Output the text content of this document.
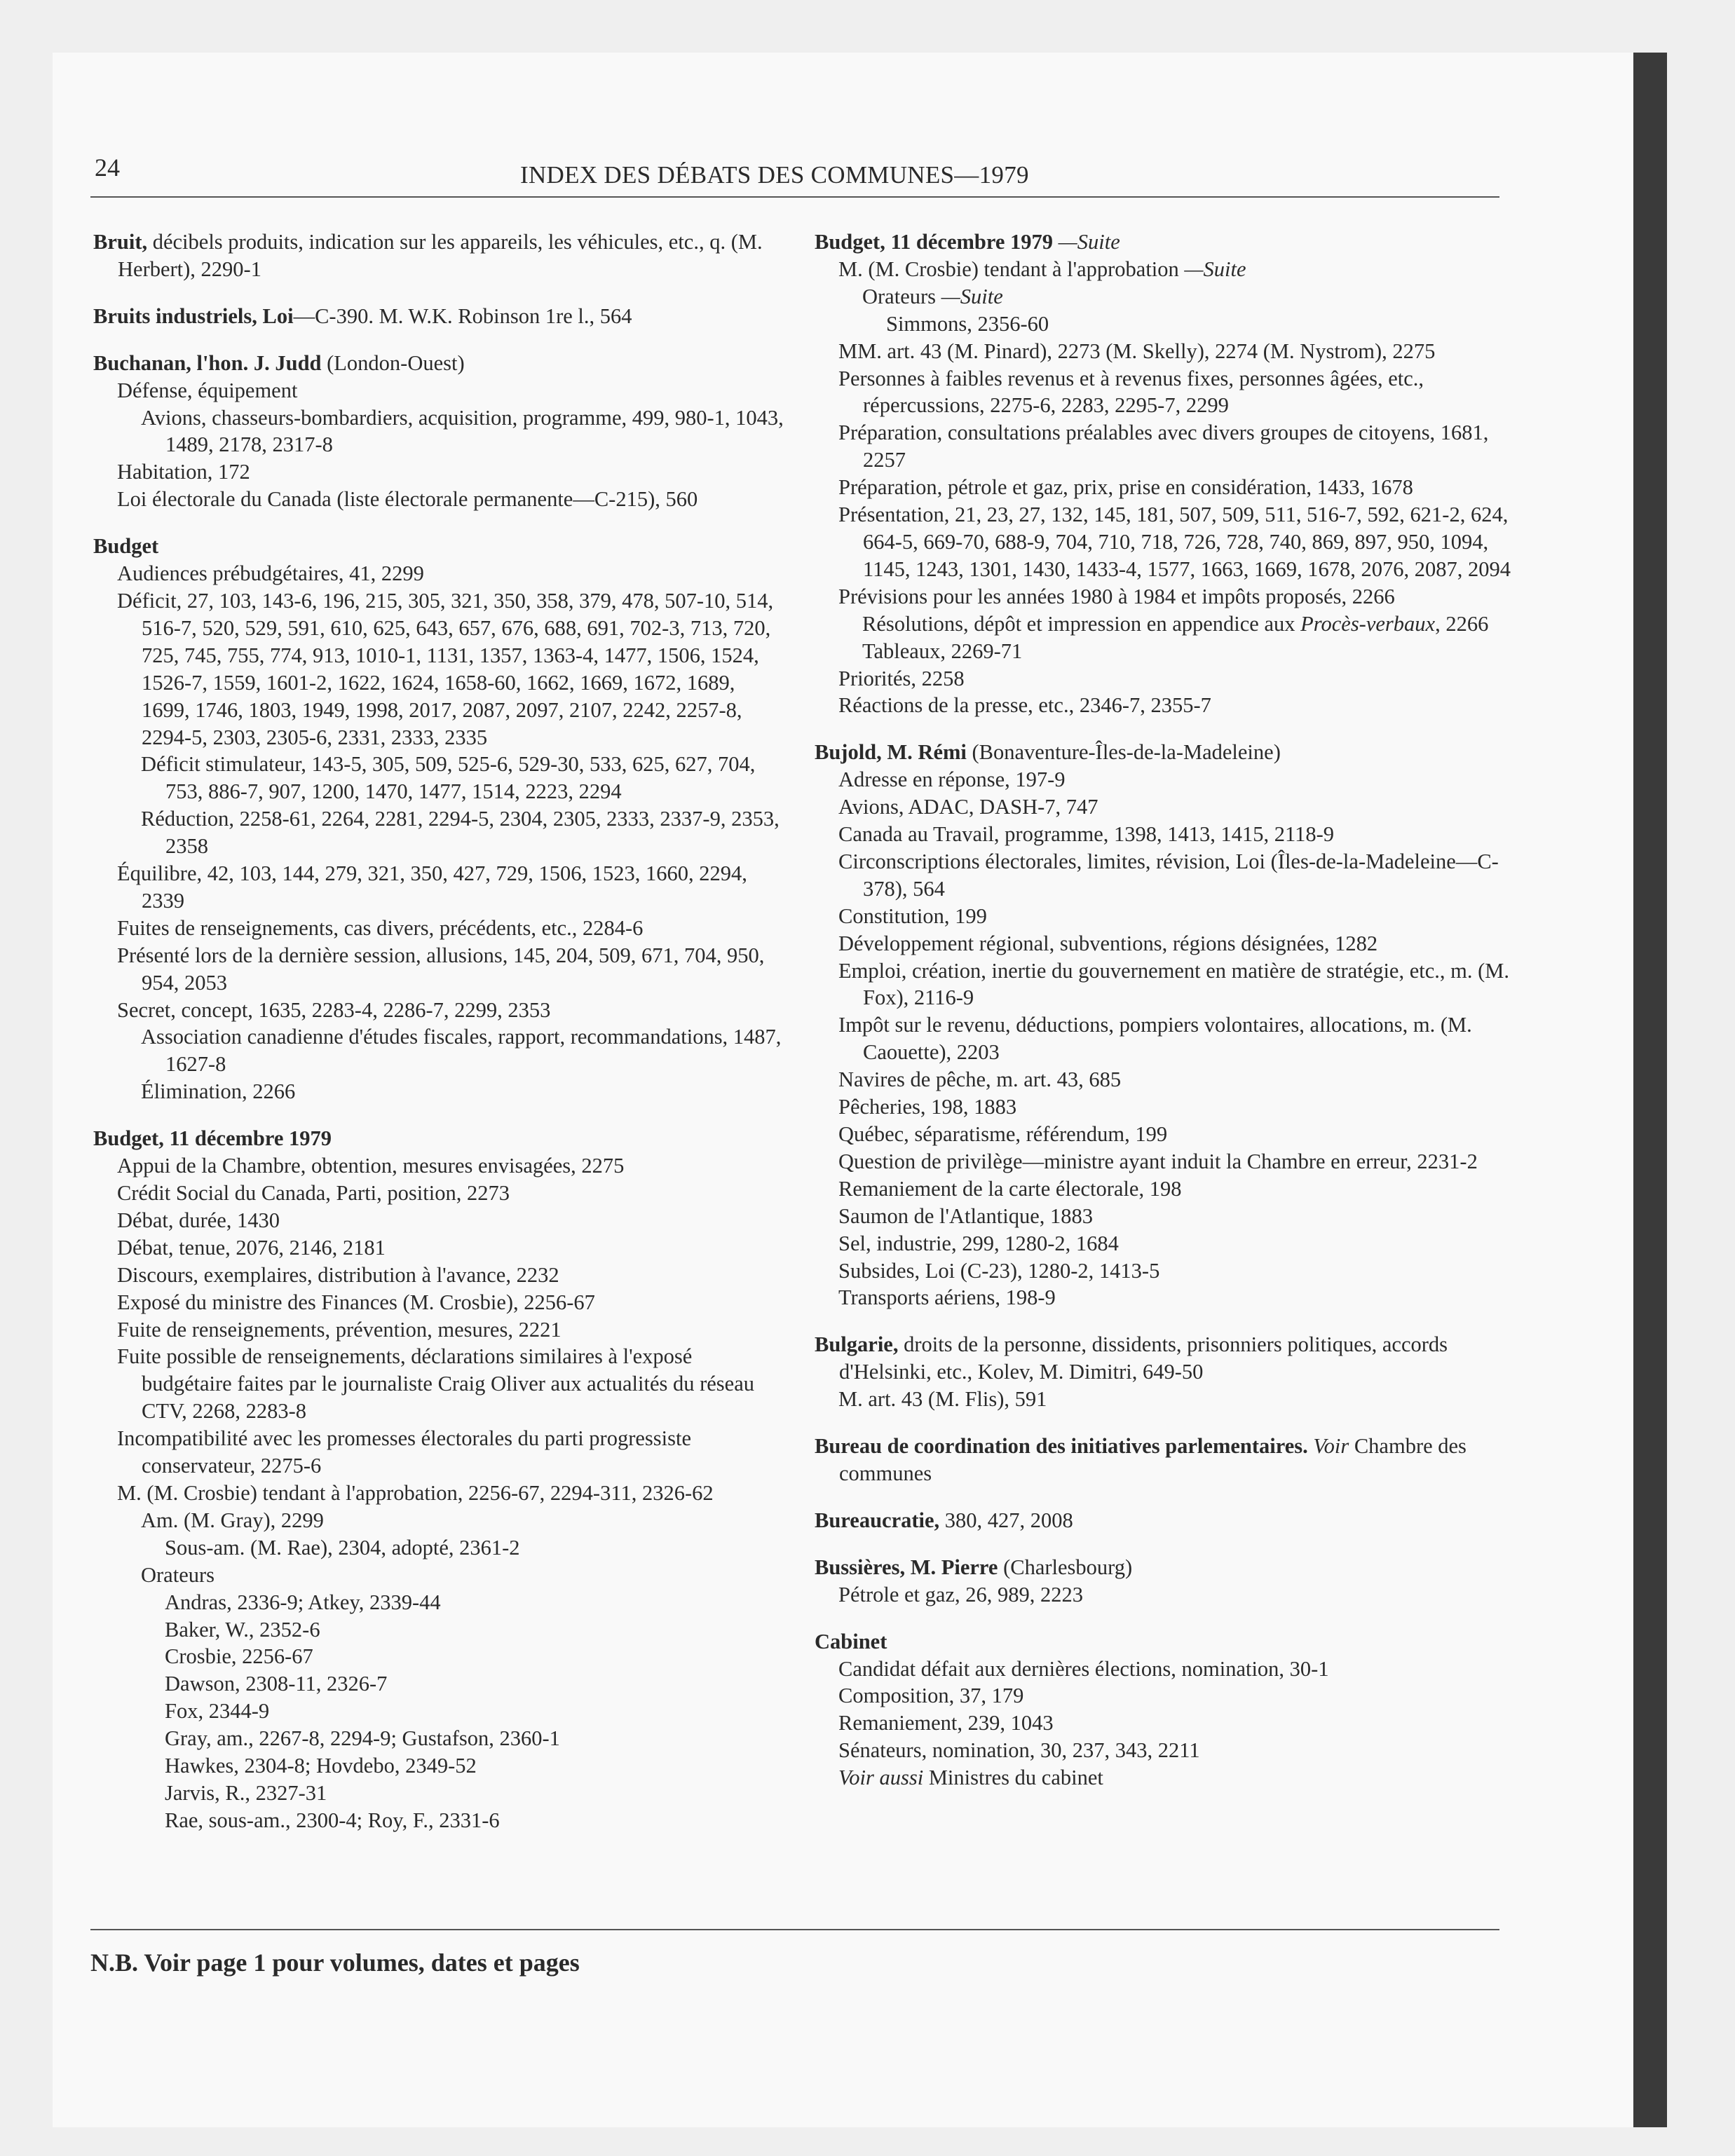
24	INDEX DES DÉBATS DES COMMUNES—1979
Bruit, décibels produits, indication sur les appareils, les véhicules, etc., q. (M. Herbert), 2290-1
Bruits industriels, Loi—C-390. M. W.K. Robinson 1re l., 564
Buchanan, l'hon. J. Judd (London-Ouest)
Défense, équipement
Avions, chasseurs-bombardiers, acquisition, programme, 499, 980-1, 1043, 1489, 2178, 2317-8
Habitation, 172
Loi électorale du Canada (liste électorale permanente—C-215), 560
Budget
Audiences prébudgétaires, 41, 2299
Déficit, 27, 103, 143-6, 196, 215, 305, 321, 350, 358, 379, 478, 507-10, 514, 516-7, 520, 529, 591, 610, 625, 643, 657, 676, 688, 691, 702-3, 713, 720, 725, 745, 755, 774, 913, 1010-1, 1131, 1357, 1363-4, 1477, 1506, 1524, 1526-7, 1559, 1601-2, 1622, 1624, 1658-60, 1662, 1669, 1672, 1689, 1699, 1746, 1803, 1949, 1998, 2017, 2087, 2097, 2107, 2242, 2257-8, 2294-5, 2303, 2305-6, 2331, 2333, 2335
Déficit stimulateur, 143-5, 305, 509, 525-6, 529-30, 533, 625, 627, 704, 753, 886-7, 907, 1200, 1470, 1477, 1514, 2223, 2294
Réduction, 2258-61, 2264, 2281, 2294-5, 2304, 2305, 2333, 2337-9, 2353, 2358
Équilibre, 42, 103, 144, 279, 321, 350, 427, 729, 1506, 1523, 1660, 2294, 2339
Fuites de renseignements, cas divers, précédents, etc., 2284-6
Présenté lors de la dernière session, allusions, 145, 204, 509, 671, 704, 950, 954, 2053
Secret, concept, 1635, 2283-4, 2286-7, 2299, 2353
Association canadienne d'études fiscales, rapport, recommandations, 1487, 1627-8
Élimination, 2266
Budget, 11 décembre 1979
Appui de la Chambre, obtention, mesures envisagées, 2275
Crédit Social du Canada, Parti, position, 2273
Débat, durée, 1430
Débat, tenue, 2076, 2146, 2181
Discours, exemplaires, distribution à l'avance, 2232
Exposé du ministre des Finances (M. Crosbie), 2256-67
Fuite de renseignements, prévention, mesures, 2221
Fuite possible de renseignements, déclarations similaires à l'exposé budgétaire faites par le journaliste Craig Oliver aux actualités du réseau CTV, 2268, 2283-8
Incompatibilité avec les promesses électorales du parti progressiste conservateur, 2275-6
M. (M. Crosbie) tendant à l'approbation, 2256-67, 2294-311, 2326-62
Am. (M. Gray), 2299
Sous-am. (M. Rae), 2304, adopté, 2361-2
Orateurs
Andras, 2336-9; Atkey, 2339-44
Baker, W., 2352-6
Crosbie, 2256-67
Dawson, 2308-11, 2326-7
Fox, 2344-9
Gray, am., 2267-8, 2294-9; Gustafson, 2360-1
Hawkes, 2304-8; Hovdebo, 2349-52
Jarvis, R., 2327-31
Rae, sous-am., 2300-4; Roy, F., 2331-6
Budget, 11 décembre 1979 —Suite
M. (M. Crosbie) tendant à l'approbation —Suite
Orateurs —Suite
Simmons, 2356-60
MM. art. 43 (M. Pinard), 2273 (M. Skelly), 2274 (M. Nystrom), 2275
Personnes à faibles revenus et à revenus fixes, personnes âgées, etc., répercussions, 2275-6, 2283, 2295-7, 2299
Préparation, consultations préalables avec divers groupes de citoyens, 1681, 2257
Préparation, pétrole et gaz, prix, prise en considération, 1433, 1678
Présentation, 21, 23, 27, 132, 145, 181, 507, 509, 511, 516-7, 592, 621-2, 624, 664-5, 669-70, 688-9, 704, 710, 718, 726, 728, 740, 869, 897, 950, 1094, 1145, 1243, 1301, 1430, 1433-4, 1577, 1663, 1669, 1678, 2076, 2087, 2094
Prévisions pour les années 1980 à 1984 et impôts proposés, 2266
Résolutions, dépôt et impression en appendice aux Procès-verbaux, 2266
Tableaux, 2269-71
Priorités, 2258
Réactions de la presse, etc., 2346-7, 2355-7
Bujold, M. Rémi (Bonaventure-Îles-de-la-Madeleine)
Adresse en réponse, 197-9
Avions, ADAC, DASH-7, 747
Canada au Travail, programme, 1398, 1413, 1415, 2118-9
Circonscriptions électorales, limites, révision, Loi (Îles-de-la-Madeleine—C-378), 564
Constitution, 199
Développement régional, subventions, régions désignées, 1282
Emploi, création, inertie du gouvernement en matière de stratégie, etc., m. (M. Fox), 2116-9
Impôt sur le revenu, déductions, pompiers volontaires, allocations, m. (M. Caouette), 2203
Navires de pêche, m. art. 43, 685
Pêcheries, 198, 1883
Québec, séparatisme, référendum, 199
Question de privilège—ministre ayant induit la Chambre en erreur, 2231-2
Remaniement de la carte électorale, 198
Saumon de l'Atlantique, 1883
Sel, industrie, 299, 1280-2, 1684
Subsides, Loi (C-23), 1280-2, 1413-5
Transports aériens, 198-9
Bulgarie, droits de la personne, dissidents, prisonniers politiques, accords d'Helsinki, etc., Kolev, M. Dimitri, 649-50
M. art. 43 (M. Flis), 591
Bureau de coordination des initiatives parlementaires. Voir Chambre des communes
Bureaucratie, 380, 427, 2008
Bussières, M. Pierre (Charlesbourg)
Pétrole et gaz, 26, 989, 2223
Cabinet
Candidat défait aux dernières élections, nomination, 30-1
Composition, 37, 179
Remaniement, 239, 1043
Sénateurs, nomination, 30, 237, 343, 2211
Voir aussi Ministres du cabinet
N.B. Voir page 1 pour volumes, dates et pages
